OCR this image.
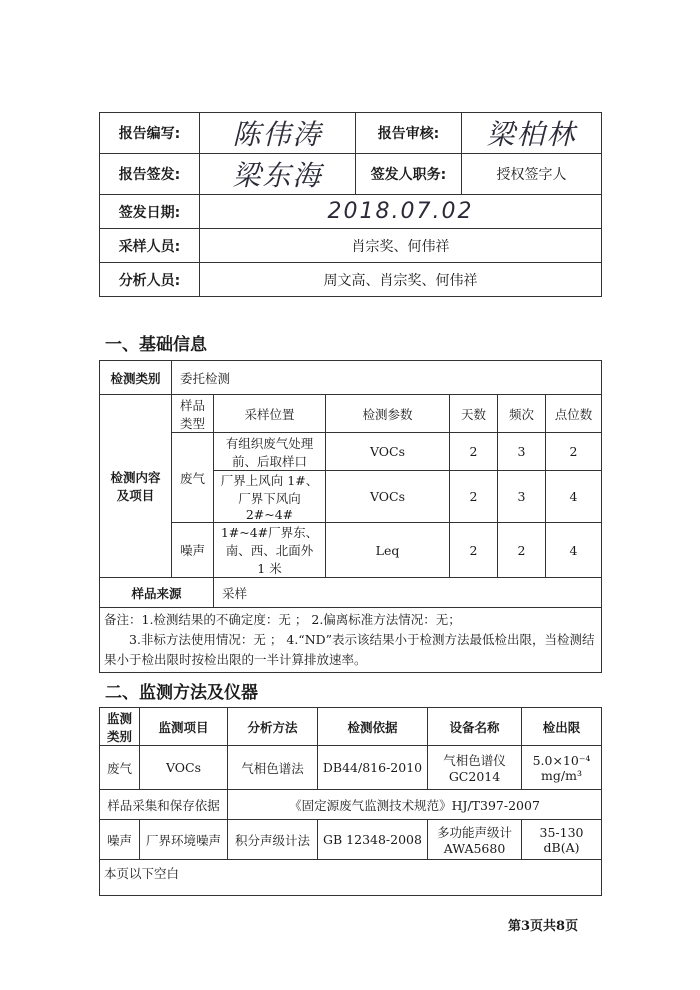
报告编写:	陈伟涛	报告审核:	梁柏林
报告签发:	梁东海	签发人职务:	授权签字人
签发日期:	2018.07.02		
采样人员:	肖宗奖、何伟祥		
分析人员:	周文高、肖宗奖、何伟祥		
一、基础信息
检测类别	委托检测					
检测内容及项目	样品类型	采样位置	检测参数	天数	频次	点位数
	废气	有组织废气处理前、后取样口	VOCs	2	3	2
		厂界上风向 1#、厂界下风向 2#~4#	VOCs	2	3	4
	噪声	1#~4#厂界东、南、西、北面外 1 米	Leq	2	2	4
样品来源		采样				

备注：1.检测结果的不确定度：无 ； 2.偏离标准方法情况：无；
3.非标方法使用情况：无 ； 4.“ND”表示该结果小于检测方法最低检出限，当检测结果小于检出限时按检出限的一半计算排放速率。						
二、监测方法及仪器
监测类别	监测项目	分析方法	检测依据	设备名称	检出限
废气	VOCs	气相色谱法	DB44/816-2010	气相色谱仪 GC2014	5.0×10⁻⁴ mg/m³
样品采集和保存依据		《固定源废气监测技术规范》HJ/T397-2007			
噪声	厂界环境噪声	积分声级计法	GB 12348-2008	多功能声级计 AWA5680	35-130 dB(A)
本页以下空白					
第3页共8页
